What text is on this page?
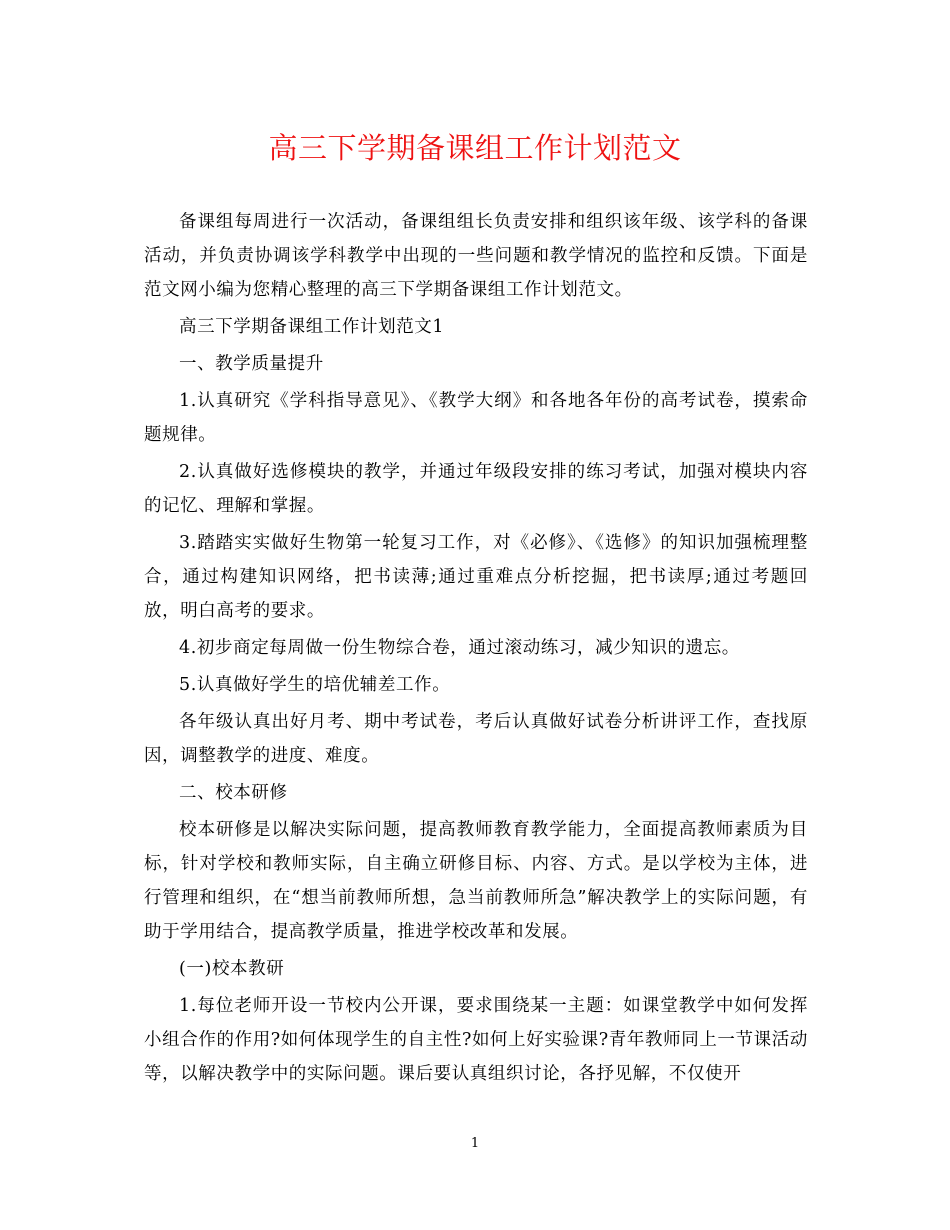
高三下学期备课组工作计划范文

备课组每周进行一次活动，备课组组长负责安排和组织该年级、该学科的备课活动，并负责协调该学科教学中出现的一些问题和教学情况的监控和反馈。下面是范文网小编为您精心整理的高三下学期备课组工作计划范文。

高三下学期备课组工作计划范文1

一、教学质量提升

1.认真研究《学科指导意见》、《教学大纲》和各地各年份的高考试卷，摸索命题规律。

2.认真做好选修模块的教学，并通过年级段安排的练习考试，加强对模块内容的记忆、理解和掌握。

3.踏踏实实做好生物第一轮复习工作，对《必修》、《选修》的知识加强梳理整合，通过构建知识网络，把书读薄;通过重难点分析挖掘，把书读厚;通过考题回放，明白高考的要求。

4.初步商定每周做一份生物综合卷，通过滚动练习，减少知识的遗忘。

5.认真做好学生的培优辅差工作。

各年级认真出好月考、期中考试卷，考后认真做好试卷分析讲评工作，查找原因，调整教学的进度、难度。

二、校本研修

校本研修是以解决实际问题，提高教师教育教学能力，全面提高教师素质为目标，针对学校和教师实际，自主确立研修目标、内容、方式。是以学校为主体，进行管理和组织，在“想当前教师所想，急当前教师所急”解决教学上的实际问题，有助于学用结合，提高教学质量，推进学校改革和发展。

(一)校本教研

1.每位老师开设一节校内公开课，要求围绕某一主题：如课堂教学中如何发挥小组合作的作用?如何体现学生的自主性?如何上好实验课?青年教师同上一节课活动等，以解决教学中的实际问题。课后要认真组织讨论，各抒见解，不仅使开

1
